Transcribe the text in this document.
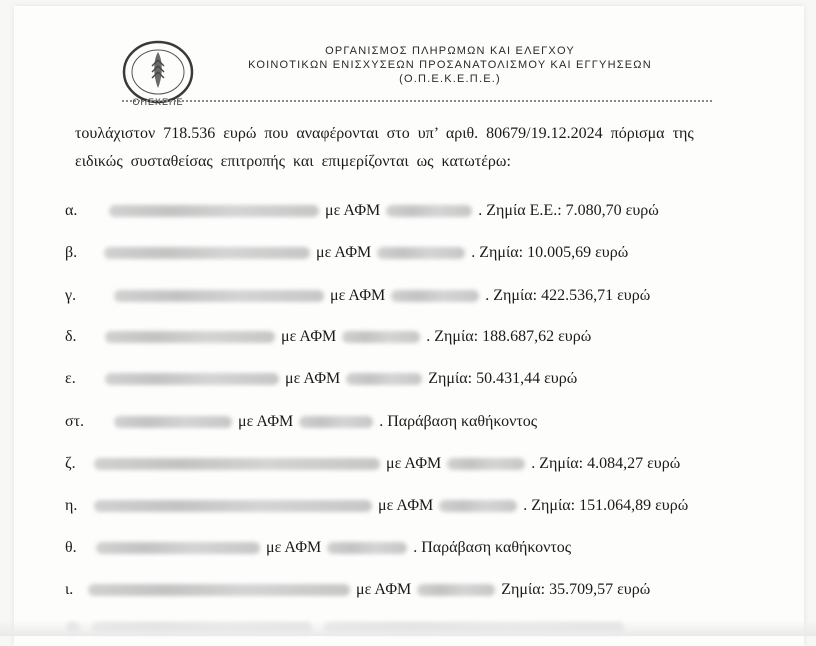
ΟΠΕΚΕΠΕ
ΟΡΓΑΝΙΣΜΟΣ ΠΛΗΡΩΜΩΝ ΚΑΙ ΕΛΕΓΧΟΥ
ΚΟΙΝΟΤΙΚΩΝ ΕΝΙΣΧΥΣΕΩΝ ΠΡΟΣΑΝΑΤΟΛΙΣΜΟΥ ΚΑΙ ΕΓΓΥΗΣΕΩΝ
(Ο.Π.Ε.Κ.Ε.Π.Ε.)
τουλάχιστον 718.536 ευρώ που αναφέρονται στο υπ’ αριθ. 80679/19.12.2024 πόρισμα της
ειδικώς συσταθείσας επιτροπής και επιμερίζονται ως κατωτέρω:
α.	με ΑΦΜ	. Ζημία Ε.Ε.: 7.080,70 ευρώ
β.	με ΑΦΜ	. Ζημία: 10.005,69 ευρώ
γ.	με ΑΦΜ	. Ζημία: 422.536,71 ευρώ
δ.	με ΑΦΜ	. Ζημία: 188.687,62 ευρώ
ε.	με ΑΦΜ	Ζημία: 50.431,44 ευρώ
στ.	με ΑΦΜ	. Παράβαση καθήκοντος
ζ.	με ΑΦΜ	. Ζημία: 4.084,27 ευρώ
η.	με ΑΦΜ	. Ζημία: 151.064,89 ευρώ
θ.	με ΑΦΜ	. Παράβαση καθήκοντος
ι.	με ΑΦΜ	Ζημία: 35.709,57 ευρώ
